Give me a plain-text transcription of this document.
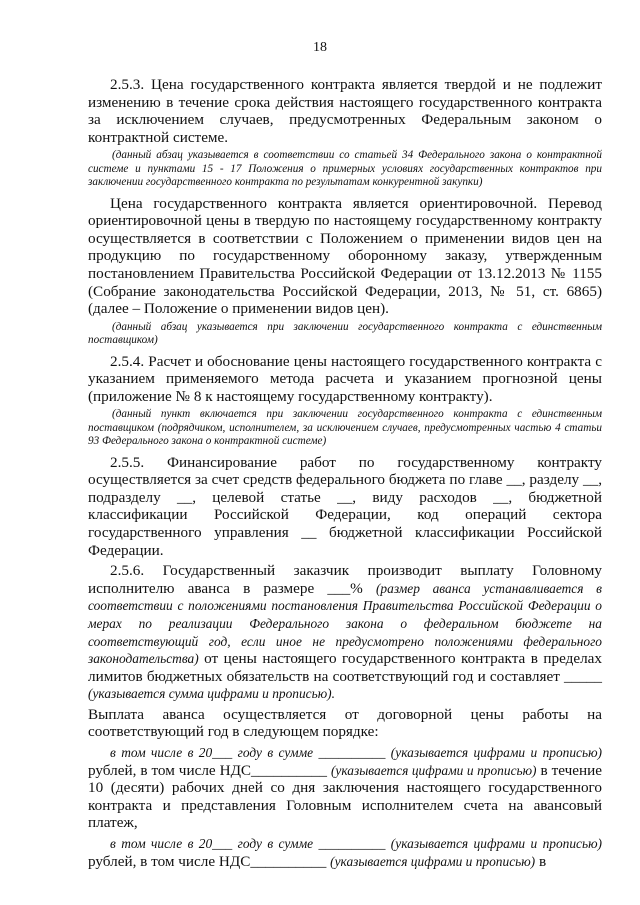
18

2.5.3. Цена государственного контракта является твердой и не подлежит изменению в течение срока действия настоящего государственного контракта за исключением случаев, предусмотренных Федеральным законом о контрактной системе.

(данный абзац указывается в соответствии со статьей 34 Федерального закона о контрактной системе и пунктами 15 - 17 Положения о примерных условиях государственных контрактов при заключении государственного контракта по результатам конкурентной закупки)

Цена государственного контракта является ориентировочной. Перевод ориентировочной цены в твердую по настоящему государственному контракту осуществляется в соответствии с Положением о применении видов цен на продукцию по государственному оборонному заказу, утвержденным постановлением Правительства Российской Федерации от 13.12.2013 № 1155 (Собрание законодательства Российской Федерации, 2013, № 51, ст. 6865) (далее – Положение о применении видов цен).

(данный абзац указывается при заключении государственного контракта с единственным поставщиком)

2.5.4. Расчет и обоснование цены настоящего государственного контракта с указанием применяемого метода расчета и указанием прогнозной цены (приложение № 8 к настоящему государственному контракту).

(данный пункт включается при заключении государственного контракта с единственным поставщиком (подрядчиком, исполнителем, за исключением случаев, предусмотренных частью 4 статьи 93 Федерального закона о контрактной системе)

2.5.5. Финансирование работ по государственному контракту осуществляется за счет средств федерального бюджета по главе __, разделу __, подразделу __, целевой статье __, виду расходов __, бюджетной классификации Российской Федерации, код операций сектора государственного управления __ бюджетной классификации Российской Федерации.

2.5.6. Государственный заказчик производит выплату Головному исполнителю аванса в размере ___% (размер аванса устанавливается в соответствии с положениями постановления Правительства Российской Федерации о мерах по реализации Федерального закона о федеральном бюджете на соответствующий год, если иное не предусмотрено положениями федерального законодательства) от цены настоящего государственного контракта в пределах лимитов бюджетных обязательств на соответствующий год и составляет _____ (указывается сумма цифрами и прописью).

Выплата аванса осуществляется от договорной цены работы на соответствующий год в следующем порядке:

в том числе в 20___ году в сумме __________ (указывается цифрами и прописью) рублей, в том числе НДС__________ (указывается цифрами и прописью) в течение 10 (десяти) рабочих дней со дня заключения настоящего государственного контракта и представления Головным исполнителем счета на авансовый платеж,

в том числе в 20___ году в сумме __________ (указывается цифрами и прописью) рублей, в том числе НДС__________ (указывается цифрами и прописью) в
